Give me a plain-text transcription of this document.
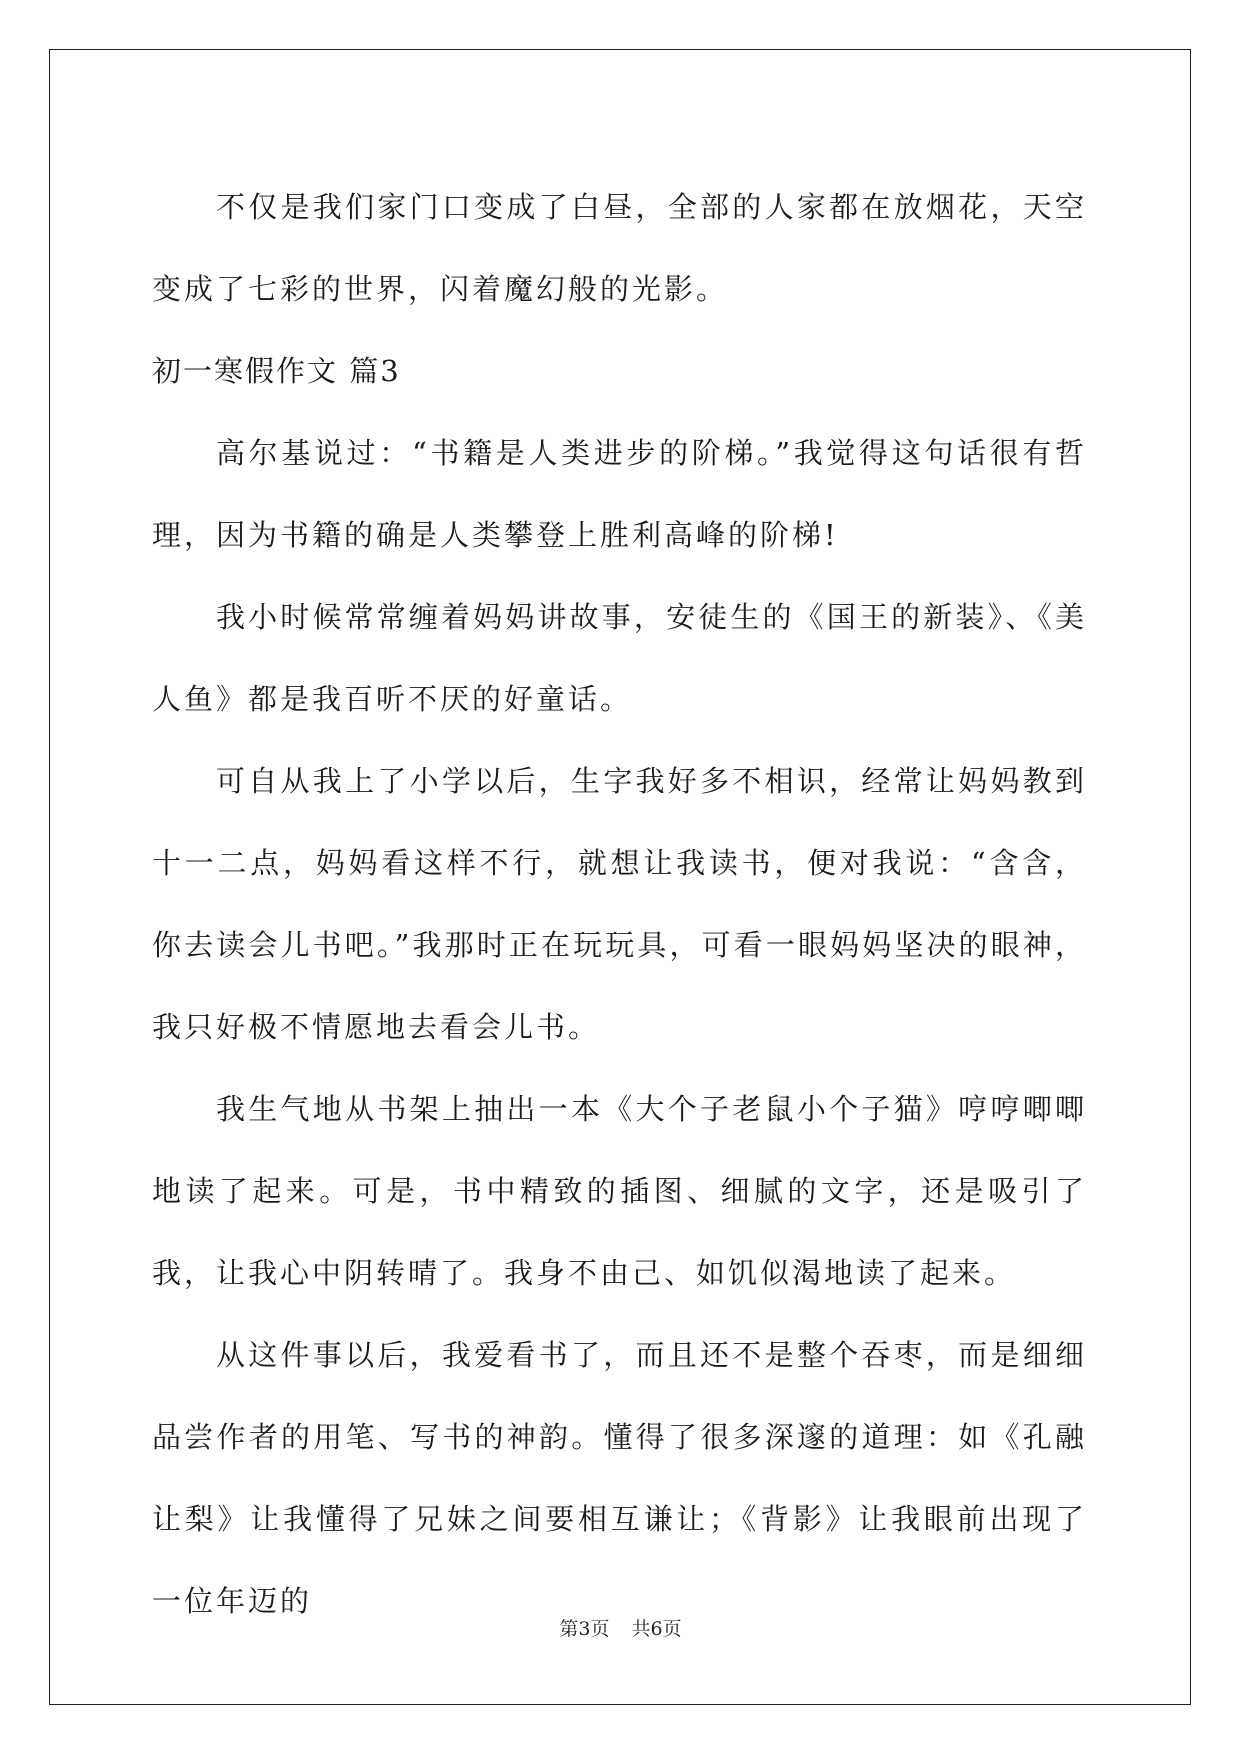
不仅是我们家门口变成了白昼，全部的人家都在放烟花，天空变成了七彩的世界，闪着魔幻般的光影。

初一寒假作文 篇3

高尔基说过：“书籍是人类进步的阶梯。”我觉得这句话很有哲理，因为书籍的确是人类攀登上胜利高峰的阶梯!

我小时候常常缠着妈妈讲故事，安徒生的《国王的新装》、《美人鱼》都是我百听不厌的好童话。

可自从我上了小学以后，生字我好多不相识，经常让妈妈教到十一二点，妈妈看这样不行，就想让我读书，便对我说：“含含，你去读会儿书吧。”我那时正在玩玩具，可看一眼妈妈坚决的眼神，我只好极不情愿地去看会儿书。

我生气地从书架上抽出一本《大个子老鼠小个子猫》哼哼唧唧地读了起来。可是，书中精致的插图、细腻的文字，还是吸引了我，让我心中阴转晴了。我身不由己、如饥似渴地读了起来。

从这件事以后，我爱看书了，而且还不是整个吞枣，而是细细品尝作者的用笔、写书的神韵。懂得了很多深邃的道理：如《孔融让梨》让我懂得了兄妹之间要相互谦让；《背影》让我眼前出现了一位年迈的

第3页 共6页
